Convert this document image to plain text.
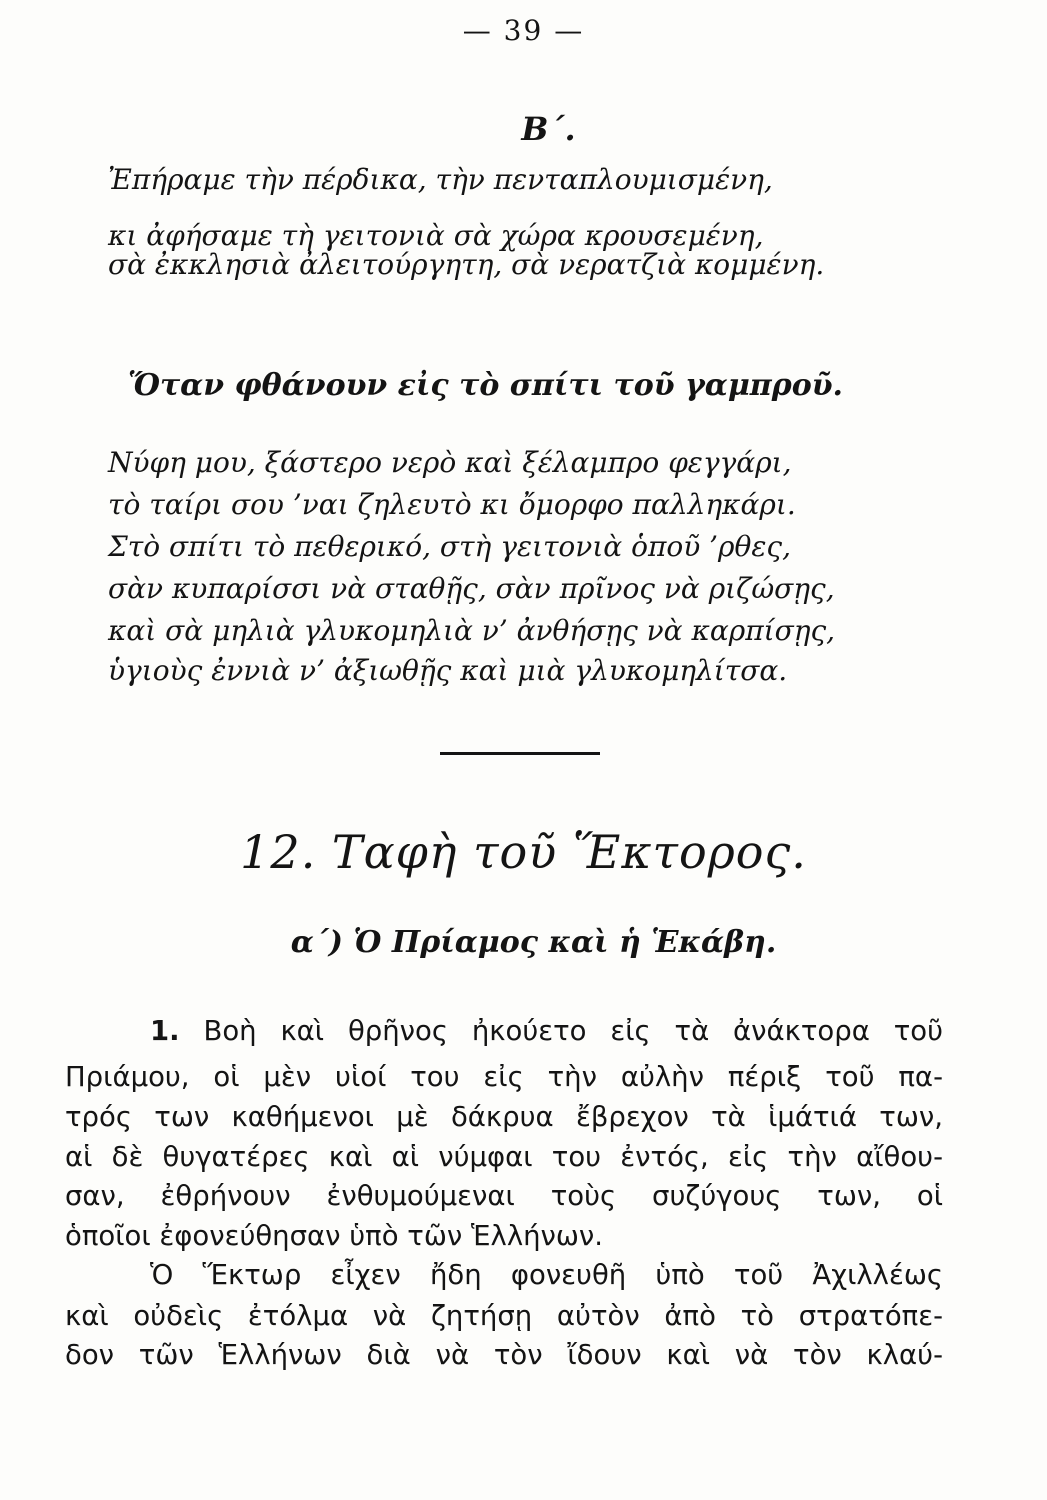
— 39 —
Β΄.
Ἐπήραμε τὴν πέρδικα, τὴν πενταπλουμισμένη,
κι ἀφήσαμε τὴ γειτονιὰ σὰ χώρα κρουσεμένη,
σὰ ἐκκλησιὰ ἀλειτούργητη, σὰ νερατζιὰ κομμένη.
Ὅταν φθάνουν εἰς τὸ σπίτι τοῦ γαμπροῦ.
Νύφη μου, ξάστερο νερὸ καὶ ξέλαμπρο φεγγάρι,
τὸ ταίρι σου ’ναι ζηλευτὸ κι ὄμορφο παλληκάρι.
Στὸ σπίτι τὸ πεθερικό, στὴ γειτονιὰ ὁποῦ ’ρθες,
σὰν κυπαρίσσι νὰ σταθῇς, σὰν πρῖνος νὰ ριζώσῃς,
καὶ σὰ μηλιὰ γλυκομηλιὰ ν’ ἀνθήσῃς νὰ καρπίσῃς,
ὑγιοὺς ἐννιὰ ν’ ἀξιωθῇς καὶ μιὰ γλυκομηλίτσα.
12. Ταφὴ τοῦ Ἕκτορος.
α΄) Ὁ Πρίαμος καὶ ἡ Ἑκάβη.
1. Βοὴ καὶ θρῆνος ἠκούετο εἰς τὰ ἀνάκτορα τοῦ
Πριάμου, οἱ μὲν υἱοί του εἰς τὴν αὐλὴν πέριξ τοῦ πα-
τρός των καθήμενοι μὲ δάκρυα ἔβρεχον τὰ ἱμάτιά των,
αἱ δὲ θυγατέρες καὶ αἱ νύμφαι του ἐντός, εἰς τὴν αἴθου-
σαν, ἐθρήνουν ἐνθυμούμεναι τοὺς συζύγους των, οἱ
ὁποῖοι ἐφονεύθησαν ὑπὸ τῶν Ἑλλήνων.
Ὁ Ἕκτωρ εἶχεν ἤδη φονευθῆ ὑπὸ τοῦ Ἀχιλλέως
καὶ οὐδεὶς ἐτόλμα νὰ ζητήσῃ αὐτὸν ἀπὸ τὸ στρατόπε-
δον τῶν Ἑλλήνων διὰ νὰ τὸν ἴδουν καὶ νὰ τὸν κλαύ-
